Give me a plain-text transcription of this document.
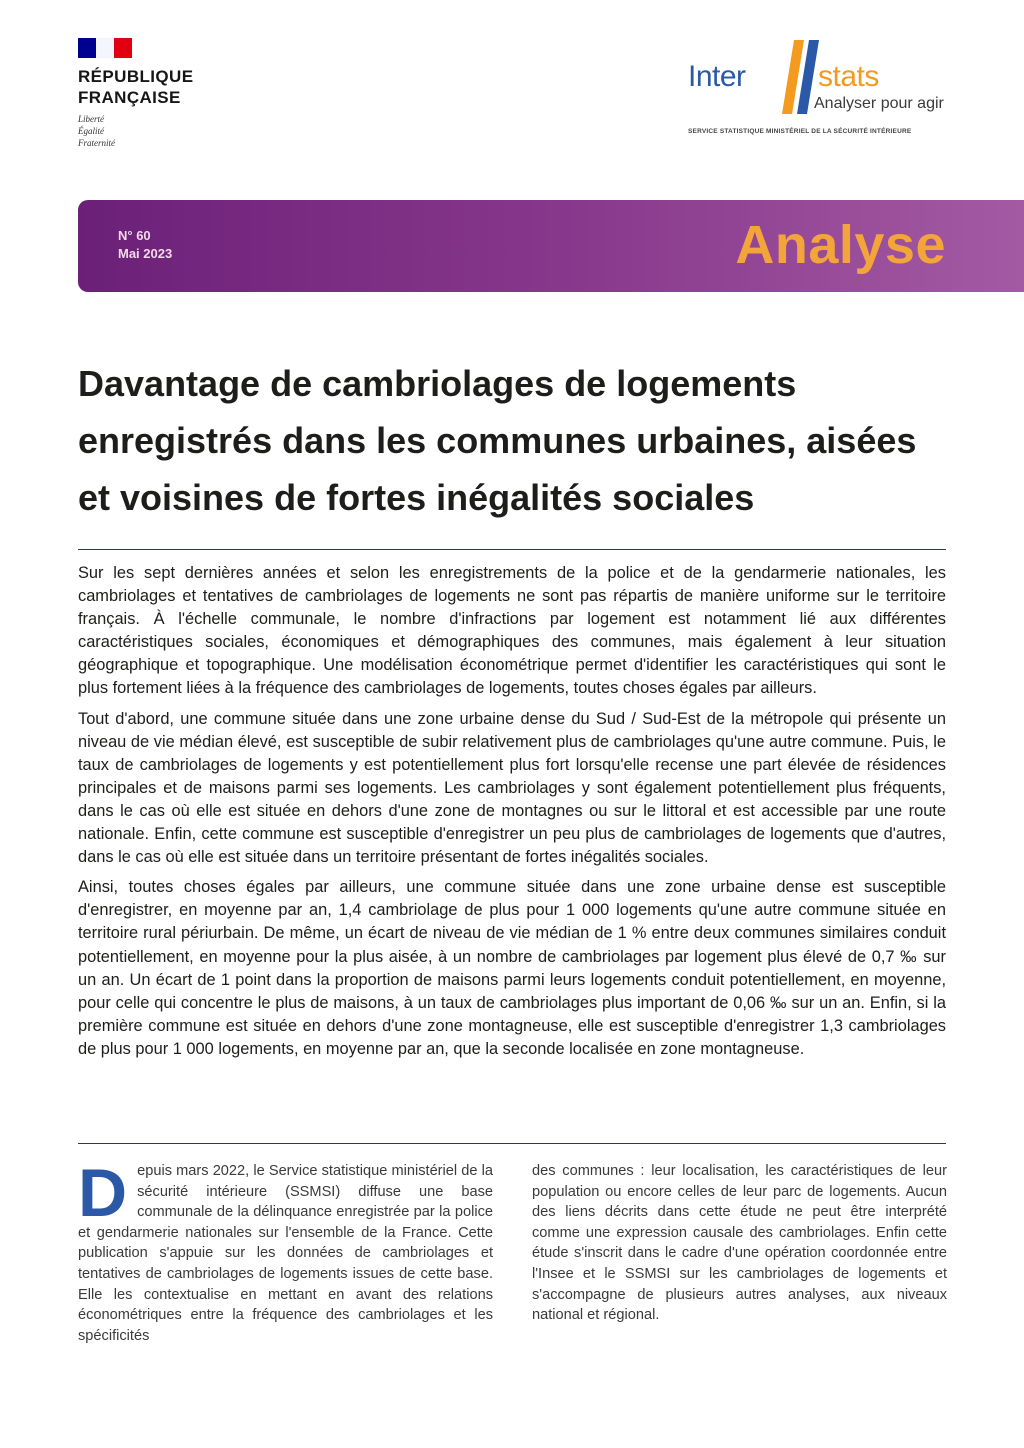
RÉPUBLIQUE
FRANÇAISE
Liberté
Égalité
Fraternité
Inter stats
Analyser pour agir
SERVICE STATISTIQUE MINISTÉRIEL DE LA SÉCURITÉ INTÉRIEURE
N° 60
Mai 2023	Analyse
Davantage de cambriolages de logements enregistrés dans les communes urbaines, aisées et voisines de fortes inégalités sociales

Sur les sept dernières années et selon les enregistrements de la police et de la gendarmerie nationales, les cambriolages et tentatives de cambriolages de logements ne sont pas répartis de manière uniforme sur le territoire français. À l'échelle communale, le nombre d'infractions par logement est notamment lié aux différentes caractéristiques sociales, économiques et démographiques des communes, mais également à leur situation géographique et topographique. Une modélisation économétrique permet d'identifier les caractéristiques qui sont le plus fortement liées à la fréquence des cambriolages de logements, toutes choses égales par ailleurs.

Tout d'abord, une commune située dans une zone urbaine dense du Sud / Sud-Est de la métropole qui présente un niveau de vie médian élevé, est susceptible de subir relativement plus de cambriolages qu'une autre commune. Puis, le taux de cambriolages de logements y est potentiellement plus fort lorsqu'elle recense une part élevée de résidences principales et de maisons parmi ses logements. Les cambriolages y sont également potentiellement plus fréquents, dans le cas où elle est située en dehors d'une zone de montagnes ou sur le littoral et est accessible par une route nationale. Enfin, cette commune est susceptible d'enregistrer un peu plus de cambriolages de logements que d'autres, dans le cas où elle est située dans un territoire présentant de fortes inégalités sociales.

Ainsi, toutes choses égales par ailleurs, une commune située dans une zone urbaine dense est susceptible d'enregistrer, en moyenne par an, 1,4 cambriolage de plus pour 1 000 logements qu'une autre commune située en territoire rural périurbain. De même, un écart de niveau de vie médian de 1 % entre deux communes similaires conduit potentiellement, en moyenne pour la plus aisée, à un nombre de cambriolages par logement plus élevé de 0,7 ‰ sur un an. Un écart de 1 point dans la proportion de maisons parmi leurs logements conduit potentiellement, en moyenne, pour celle qui concentre le plus de maisons, à un taux de cambriolages plus important de 0,06 ‰ sur un an. Enfin, si la première commune est située en dehors d'une zone montagneuse, elle est susceptible d'enregistrer 1,3 cambriolages de plus pour 1 000 logements, en moyenne par an, que la seconde localisée en zone montagneuse.

Depuis mars 2022, le Service statistique ministériel de la sécurité intérieure (SSMSI) diffuse une base communale de la délinquance enregistrée par la police et gendarmerie nationales sur l'ensemble de la France. Cette publication s'appuie sur les données de cambriolages et tentatives de cambriolages de logements issues de cette base. Elle les contextualise en mettant en avant des relations économétriques entre la fréquence des cambriolages et les spécificités

des communes : leur localisation, les caractéristiques de leur population ou encore celles de leur parc de logements. Aucun des liens décrits dans cette étude ne peut être interprété comme une expression causale des cambriolages. Enfin cette étude s'inscrit dans le cadre d'une opération coordonnée entre l'Insee et le SSMSI sur les cambriolages de logements et s'accompagne de plusieurs autres analyses, aux niveaux national et régional.
